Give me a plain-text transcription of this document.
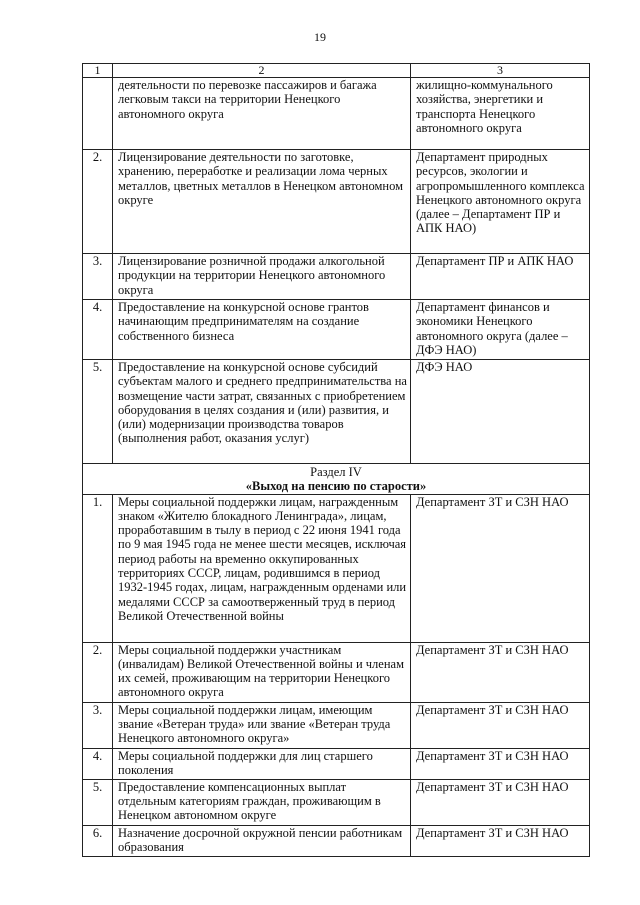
19
1	2	3
	деятельности по перевозке пассажиров и багажа легковым такси на территории Ненецкого автономного округа	жилищно-коммунального хозяйства, энергетики и транспорта Ненецкого автономного округа
2.	Лицензирование деятельности по заготовке, хранению, переработке и реализации лома черных металлов, цветных металлов в Ненецком автономном округе	Департамент природных ресурсов, экологии и агропромышленного комплекса Ненецкого автономного округа (далее – Департамент ПР и АПК НАО)
3.	Лицензирование розничной продажи алкогольной продукции на территории Ненецкого автономного округа	Департамент ПР и АПК НАО
4.	Предоставление на конкурсной основе грантов начинающим предпринимателям на создание собственного бизнеса	Департамент финансов и экономики Ненецкого автономного округа (далее – ДФЭ НАО)
5.	Предоставление на конкурсной основе субсидий субъектам малого и среднего предпринимательства на возмещение части затрат, связанных с приобретением оборудования в целях создания и (или) развития, и (или) модернизации производства товаров (выполнения работ, оказания услуг)	ДФЭ НАО

Раздел IV
«Выход на пенсию по старости»		

1.	Меры социальной поддержки лицам, награжденным знаком «Жителю блокадного Ленинграда», лицам, проработавшим в тылу в период с 22 июня 1941 года по 9 мая 1945 года не менее шести месяцев, исключая период работы на временно оккупированных территориях СССР, лицам, родившимся в период 1932-1945 годах, лицам, награжденным орденами или медалями СССР за самоотверженный труд в период Великой Отечественной войны	Департамент ЗТ и СЗН НАО
2.	Меры социальной поддержки участникам (инвалидам) Великой Отечественной войны и членам их семей, проживающим на территории Ненецкого автономного округа	Департамент ЗТ и СЗН НАО
3.	Меры социальной поддержки лицам, имеющим звание «Ветеран труда» или звание «Ветеран труда Ненецкого автономного округа»	Департамент ЗТ и СЗН НАО
4.	Меры социальной поддержки для лиц старшего поколения	Департамент ЗТ и СЗН НАО
5.	Предоставление компенсационных выплат отдельным категориям граждан, проживающим в Ненецком автономном округе	Департамент ЗТ и СЗН НАО
6.	Назначение досрочной окружной пенсии работникам образования	Департамент ЗТ и СЗН НАО
